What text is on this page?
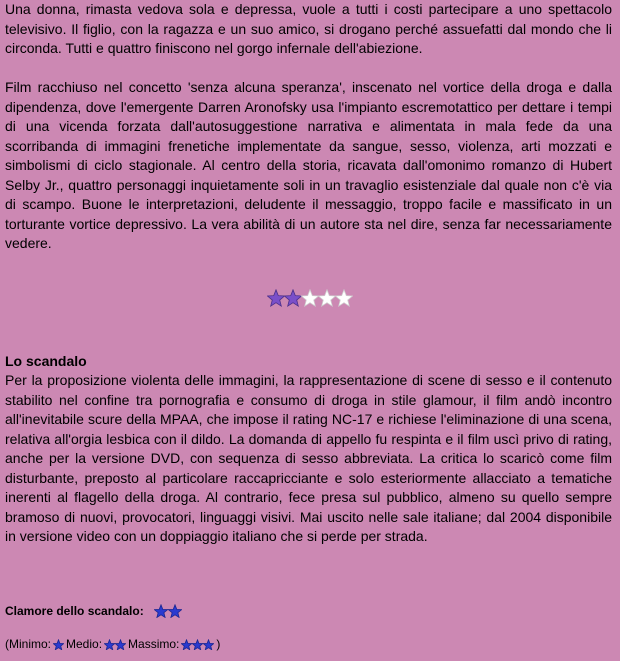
Una donna, rimasta vedova sola e depressa, vuole a tutti i costi partecipare a uno spettacolo televisivo. Il figlio, con la ragazza e un suo amico, si drogano perché assuefatti dal mondo che li circonda. Tutti e quattro finiscono nel gorgo infernale dell'abiezione.

Film racchiuso nel concetto 'senza alcuna speranza', inscenato nel vortice della droga e dalla dipendenza, dove l'emergente Darren Aronofsky usa l'impianto escremotattico per dettare i tempi di una vicenda forzata dall'autosuggestione narrativa e alimentata in mala fede da una scorribanda di immagini frenetiche implementate da sangue, sesso, violenza, arti mozzati e simbolismi di ciclo stagionale. Al centro della storia, ricavata dall'omonimo romanzo di Hubert Selby Jr., quattro personaggi inquietamente soli in un travaglio esistenziale dal quale non c'è via di scampo. Buone le interpretazioni, deludente il messaggio, troppo facile e massificato in un torturante vortice depressivo. La vera abilità di un autore sta nel dire, senza far necessariamente vedere.

Lo scandalo

Per la proposizione violenta delle immagini, la rappresentazione di scene di sesso e il contenuto stabilito nel confine tra pornografia e consumo di droga in stile glamour, il film andò incontro all'inevitabile scure della MPAA, che impose il rating NC-17 e richiese l'eliminazione di una scena, relativa all'orgia lesbica con il dildo. La domanda di appello fu respinta e il film uscì privo di rating, anche per la versione DVD, con sequenza di sesso abbreviata. La critica lo scaricò come film disturbante, preposto al particolare raccapricciante e solo esteriormente allacciato a tematiche inerenti al flagello della droga. Al contrario, fece presa sul pubblico, almeno su quello sempre bramoso di nuovi, provocatori, linguaggi visivi. Mai uscito nelle sale italiane; dal 2004 disponibile in versione video con un doppiaggio italiano che si perde per strada.

Clamore dello scandalo:
(Minimo: Medio: Massimo:	)
